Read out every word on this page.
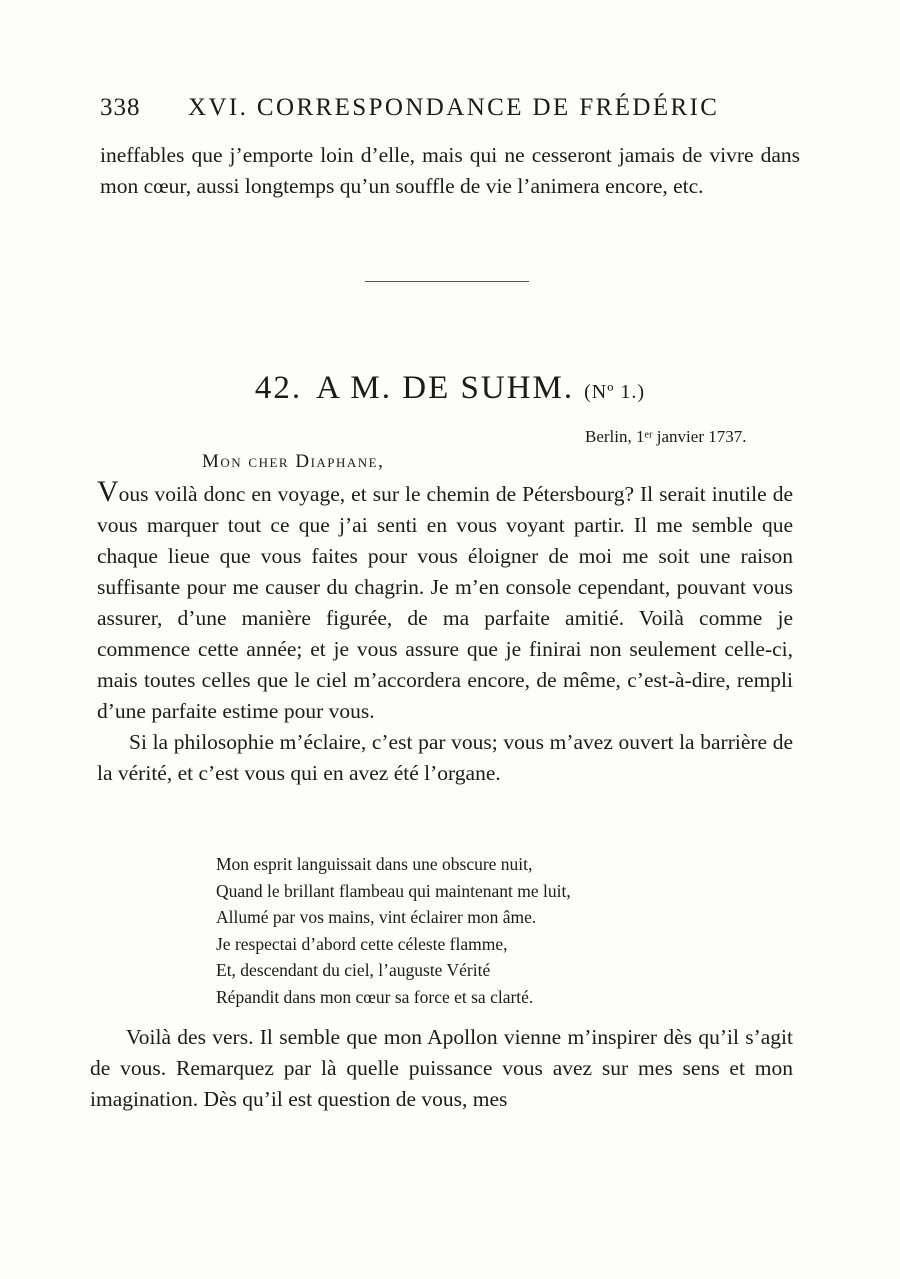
338 XVI. CORRESPONDANCE DE FRÉDÉRIC

ineffables que j’emporte loin d’elle, mais qui ne cesseront jamais de vivre dans mon cœur, aussi longtemps qu’un souffle de vie l’animera encore, etc.

42. A M. DE SUHM. (Nº 1.)
Berlin, 1ᵉʳ janvier 1737.
Mon cher Diaphane,

Vous voilà donc en voyage, et sur le chemin de Pétersbourg? Il serait inutile de vous marquer tout ce que j’ai senti en vous voyant partir. Il me semble que chaque lieue que vous faites pour vous éloigner de moi me soit une raison suffisante pour me causer du chagrin. Je m’en console cependant, pouvant vous assurer, d’une manière figurée, de ma parfaite amitié. Voilà comme je commence cette année; et je vous assure que je finirai non seulement celle-ci, mais toutes celles que le ciel m’accordera encore, de même, c’est-à-dire, rempli d’une parfaite estime pour vous.

Si la philosophie m’éclaire, c’est par vous; vous m’avez ouvert la barrière de la vérité, et c’est vous qui en avez été l’organe.

Mon esprit languissait dans une obscure nuit,
Quand le brillant flambeau qui maintenant me luit,
Allumé par vos mains, vint éclairer mon âme.
Je respectai d’abord cette céleste flamme,
Et, descendant du ciel, l’auguste Vérité
Répandit dans mon cœur sa force et sa clarté.

Voilà des vers. Il semble que mon Apollon vienne m’inspirer dès qu’il s’agit de vous. Remarquez par là quelle puissance vous avez sur mes sens et mon imagination. Dès qu’il est question de vous, mes
